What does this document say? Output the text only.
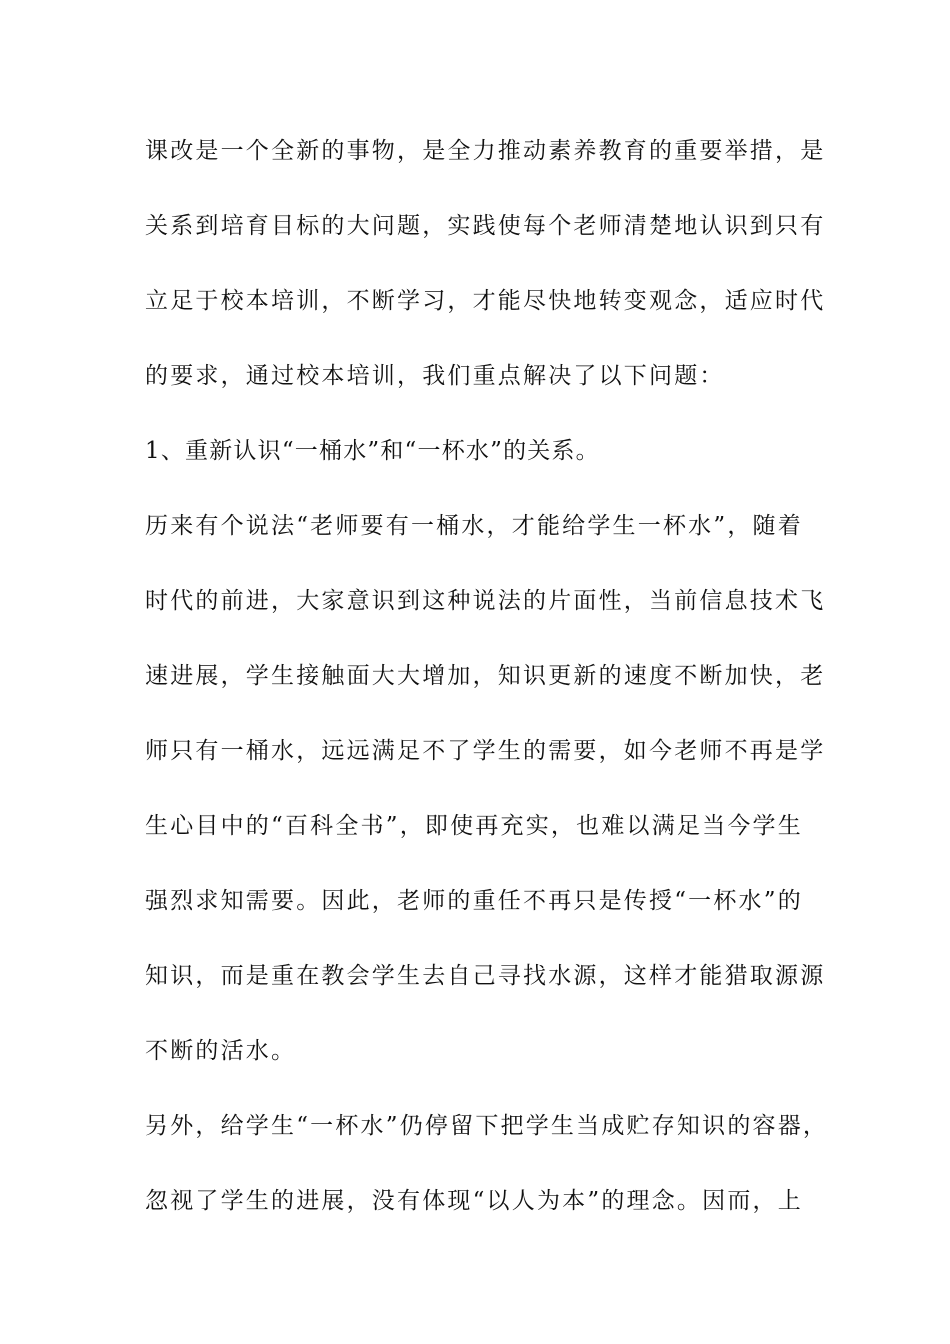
课改是一个全新的事物，是全力推动素养教育的重要举措，是
关系到培育目标的大问题，实践使每个老师清楚地认识到只有
立足于校本培训，不断学习，才能尽快地转变观念，适应时代
的要求，通过校本培训，我们重点解决了以下问题：
1、重新认识“一桶水”和“一杯水”的关系。
历来有个说法“老师要有一桶水，才能给学生一杯水”，随着
时代的前进，大家意识到这种说法的片面性，当前信息技术飞
速进展，学生接触面大大增加，知识更新的速度不断加快，老
师只有一桶水，远远满足不了学生的需要，如今老师不再是学
生心目中的“百科全书”，即使再充实，也难以满足当今学生
强烈求知需要。因此，老师的重任不再只是传授“一杯水”的
知识，而是重在教会学生去自己寻找水源，这样才能猎取源源
不断的活水。
另外，给学生“一杯水”仍停留下把学生当成贮存知识的容器，
忽视了学生的进展，没有体现“以人为本”的理念。因而，上
